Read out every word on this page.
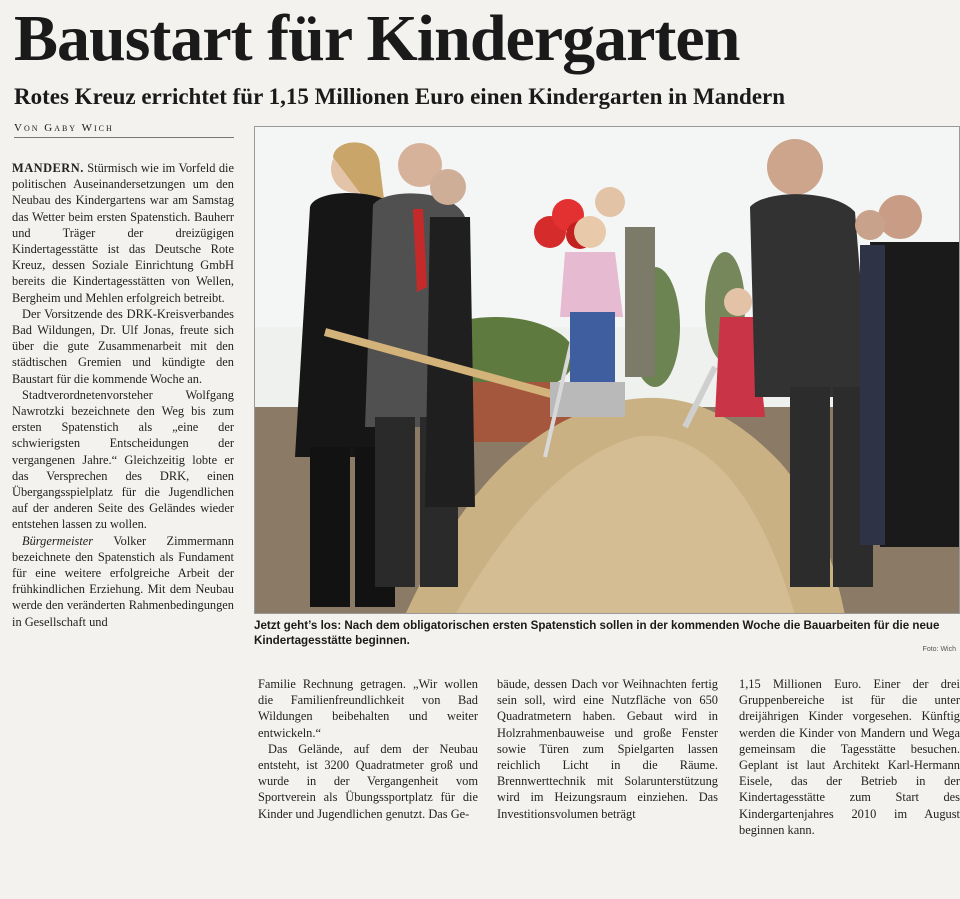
Baustart für Kindergarten
Rotes Kreuz errichtet für 1,15 Millionen Euro einen Kindergarten in Mandern
Von Gaby Wich

MANDERN. Stürmisch wie im Vorfeld die politischen Auseinandersetzungen um den Neubau des Kindergartens war am Samstag das Wetter beim ersten Spatenstich. Bauherr und Träger der dreizügigen Kindertagesstätte ist das Deutsche Rote Kreuz, dessen Soziale Einrichtung GmbH bereits die Kindertagesstätten von Wellen, Bergheim und Mehlen erfolgreich betreibt.

Der Vorsitzende des DRK-Kreisverbandes Bad Wildungen, Dr. Ulf Jonas, freute sich über die gute Zusammenarbeit mit den städtischen Gremien und kündigte den Baustart für die kommende Woche an.

Stadtverordnetenvorsteher Wolfgang Nawrotzki bezeichnete den Weg bis zum ersten Spatenstich als „eine der schwierigsten Entscheidungen der vergangenen Jahre.“ Gleichzeitig lobte er das Versprechen des DRK, einen Übergangsspielplatz für die Jugendlichen auf der anderen Seite des Geländes wieder entstehen lassen zu wollen.

Bürgermeister Volker Zimmermann bezeichnete den Spatenstich als Fundament für eine weitere erfolgreiche Arbeit der frühkindlichen Erziehung. Mit dem Neubau werde den veränderten Rahmenbedingungen in Gesellschaft und	Jetzt geht’s los: Nach dem obligatorischen ersten Spatenstich sollen in der kommenden Woche die Bauarbeiten für die neue Kindertagesstätte beginnen.
Foto: Wich

Familie Rechnung getragen. „Wir wollen die Familienfreundlichkeit von Bad Wildungen beibehalten und weiter entwickeln.“

Das Gelände, auf dem der Neubau entsteht, ist 3200 Quadratmeter groß und wurde in der Vergangenheit vom Sportverein als Übungssportplatz für die Kinder und Jugendlichen genutzt. Das Ge-

bäude, dessen Dach vor Weihnachten fertig sein soll, wird eine Nutzfläche von 650 Quadratmetern haben. Gebaut wird in Holzrahmenbauweise und große Fenster sowie Türen zum Spielgarten lassen reichlich Licht in die Räume. Brennwerttechnik mit Solarunterstützung wird im Heizungsraum einziehen. Das Investitionsvolumen beträgt

1,15 Millionen Euro. Einer der drei Gruppenbereiche ist für die unter dreijährigen Kinder vorgesehen. Künftig werden die Kinder von Mandern und Wega gemeinsam die Tagesstätte besuchen. Geplant ist laut Architekt Karl-Hermann Eisele, das der Betrieb in der Kindertagesstätte zum Start des Kindergartenjahres 2010 im August beginnen kann.
